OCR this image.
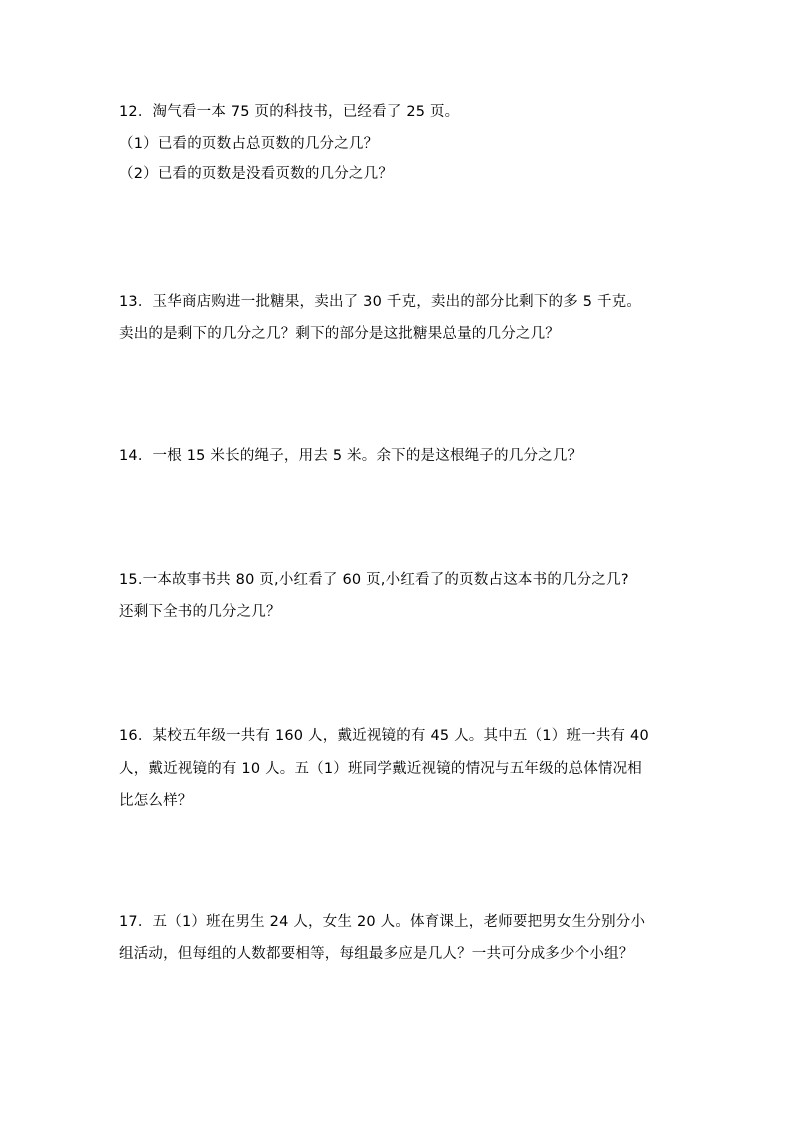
12．淘气看一本 75 页的科技书，已经看了 25 页。
（1）已看的页数占总页数的几分之几？
（2）已看的页数是没看页数的几分之几？
13．玉华商店购进一批糖果，卖出了 30 千克，卖出的部分比剩下的多 5 千克。
卖出的是剩下的几分之几？剩下的部分是这批糖果总量的几分之几？
14．一根 15 米长的绳子，用去 5 米。余下的是这根绳子的几分之几？
15.一本故事书共 80 页,小红看了 60 页,小红看了的页数占这本书的几分之几?
还剩下全书的几分之几？
16．某校五年级一共有 160 人，戴近视镜的有 45 人。其中五（1）班一共有 40
人，戴近视镜的有 10 人。五（1）班同学戴近视镜的情况与五年级的总体情况相
比怎么样？
17．五（1）班在男生 24 人，女生 20 人。体育课上，老师要把男女生分别分小
组活动，但每组的人数都要相等，每组最多应是几人？一共可分成多少个小组？
